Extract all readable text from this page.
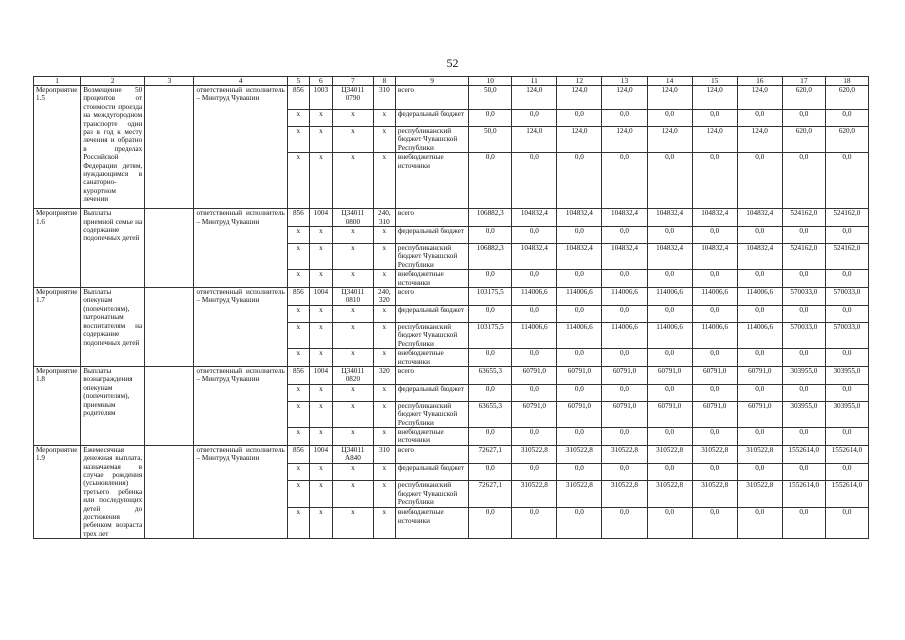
52
1	2	3	4	5	6	7	8	9	10	11	12	13	14	15	16	17	18
Мероприятие 1.5	Возмещение 50 процентов от стоимости проезда на междугородном транспорте один раз в год к месту лечения и обратно в пределах Российской Федерации детям, нуждающимся в санаторно-курортном лечении		ответственный исполнитель – Минтруд Чувашии	856	1003	Ц34011 0790	310	всего	50,0	124,0	124,0	124,0	124,0	124,0	124,0	620,0	620,0
				x	x	x	x	федеральный бюджет	0,0	0,0	0,0	0,0	0,0	0,0	0,0	0,0	0,0
				x	x	x	x	республиканский бюджет Чувашской Республики	50,0	124,0	124,0	124,0	124,0	124,0	124,0	620,0	620,0
				x	x	x	x	внебюджетные источники	0,0	0,0	0,0	0,0	0,0	0,0	0,0	0,0	0,0
Мероприятие 1.6	Выплаты приемной семье на содержание подопечных детей		ответственный исполнитель – Минтруд Чувашии	856	1004	Ц34011 0800	240, 310	всего	106882,3	104832,4	104832,4	104832,4	104832,4	104832,4	104832,4	524162,0	524162,0
				x	x	x	x	федеральный бюджет	0,0	0,0	0,0	0,0	0,0	0,0	0,0	0,0	0,0
				x	x	x	x	республиканский бюджет Чувашской Республики	106882,3	104832,4	104832,4	104832,4	104832,4	104832,4	104832,4	524162,0	524162,0
				x	x	x	x	внебюджетные источники	0,0	0,0	0,0	0,0	0,0	0,0	0,0	0,0	0,0
Мероприятие 1.7	Выплаты опекунам (попечителям), патронатным воспитателям на содержание подопечных детей		ответственный исполнитель – Минтруд Чувашии	856	1004	Ц34011 0810	240, 320	всего	103175,5	114006,6	114006,6	114006,6	114006,6	114006,6	114006,6	570033,0	570033,0
				x	x	x	x	федеральный бюджет	0,0	0,0	0,0	0,0	0,0	0,0	0,0	0,0	0,0
				x	x	x	x	республиканский бюджет Чувашской Республики	103175,5	114006,6	114006,6	114006,6	114006,6	114006,6	114006,6	570033,0	570033,0
				x	x	x	x	внебюджетные источники	0,0	0,0	0,0	0,0	0,0	0,0	0,0	0,0	0,0
Мероприятие 1.8	Выплаты вознаграждения опекунам (попечителям), приемным родителям		ответственный исполнитель – Минтруд Чувашии	856	1004	Ц34011 0820	320	всего	63655,3	60791,0	60791,0	60791,0	60791,0	60791,0	60791,0	303955,0	303955,0
				x	x	x	x	федеральный бюджет	0,0	0,0	0,0	0,0	0,0	0,0	0,0	0,0	0,0
				x	x	x	x	республиканский бюджет Чувашской Республики	63655,3	60791,0	60791,0	60791,0	60791,0	60791,0	60791,0	303955,0	303955,0
				x	x	x	x	внебюджетные источники	0,0	0,0	0,0	0,0	0,0	0,0	0,0	0,0	0,0
Мероприятие 1.9	Ежемесячная денежная выплата, назначаемая в случае рождения (усыновления) третьего ребенка или последующих детей до достижения ребенком возраста трех лет		ответственный исполнитель – Минтруд Чувашии	856	1004	Ц34011 А840	310	всего	72627,1	310522,8	310522,8	310522,8	310522,8	310522,8	310522,8	1552614,0	1552614,0
				x	x	x	x	федеральный бюджет	0,0	0,0	0,0	0,0	0,0	0,0	0,0	0,0	0,0
				x	x	x	x	республиканский бюджет Чувашской Республики	72627,1	310522,8	310522,8	310522,8	310522,8	310522,8	310522,8	1552614,0	1552614,0
				x	x	x	x	внебюджетные источники	0,0	0,0	0,0	0,0	0,0	0,0	0,0	0,0	0,0
